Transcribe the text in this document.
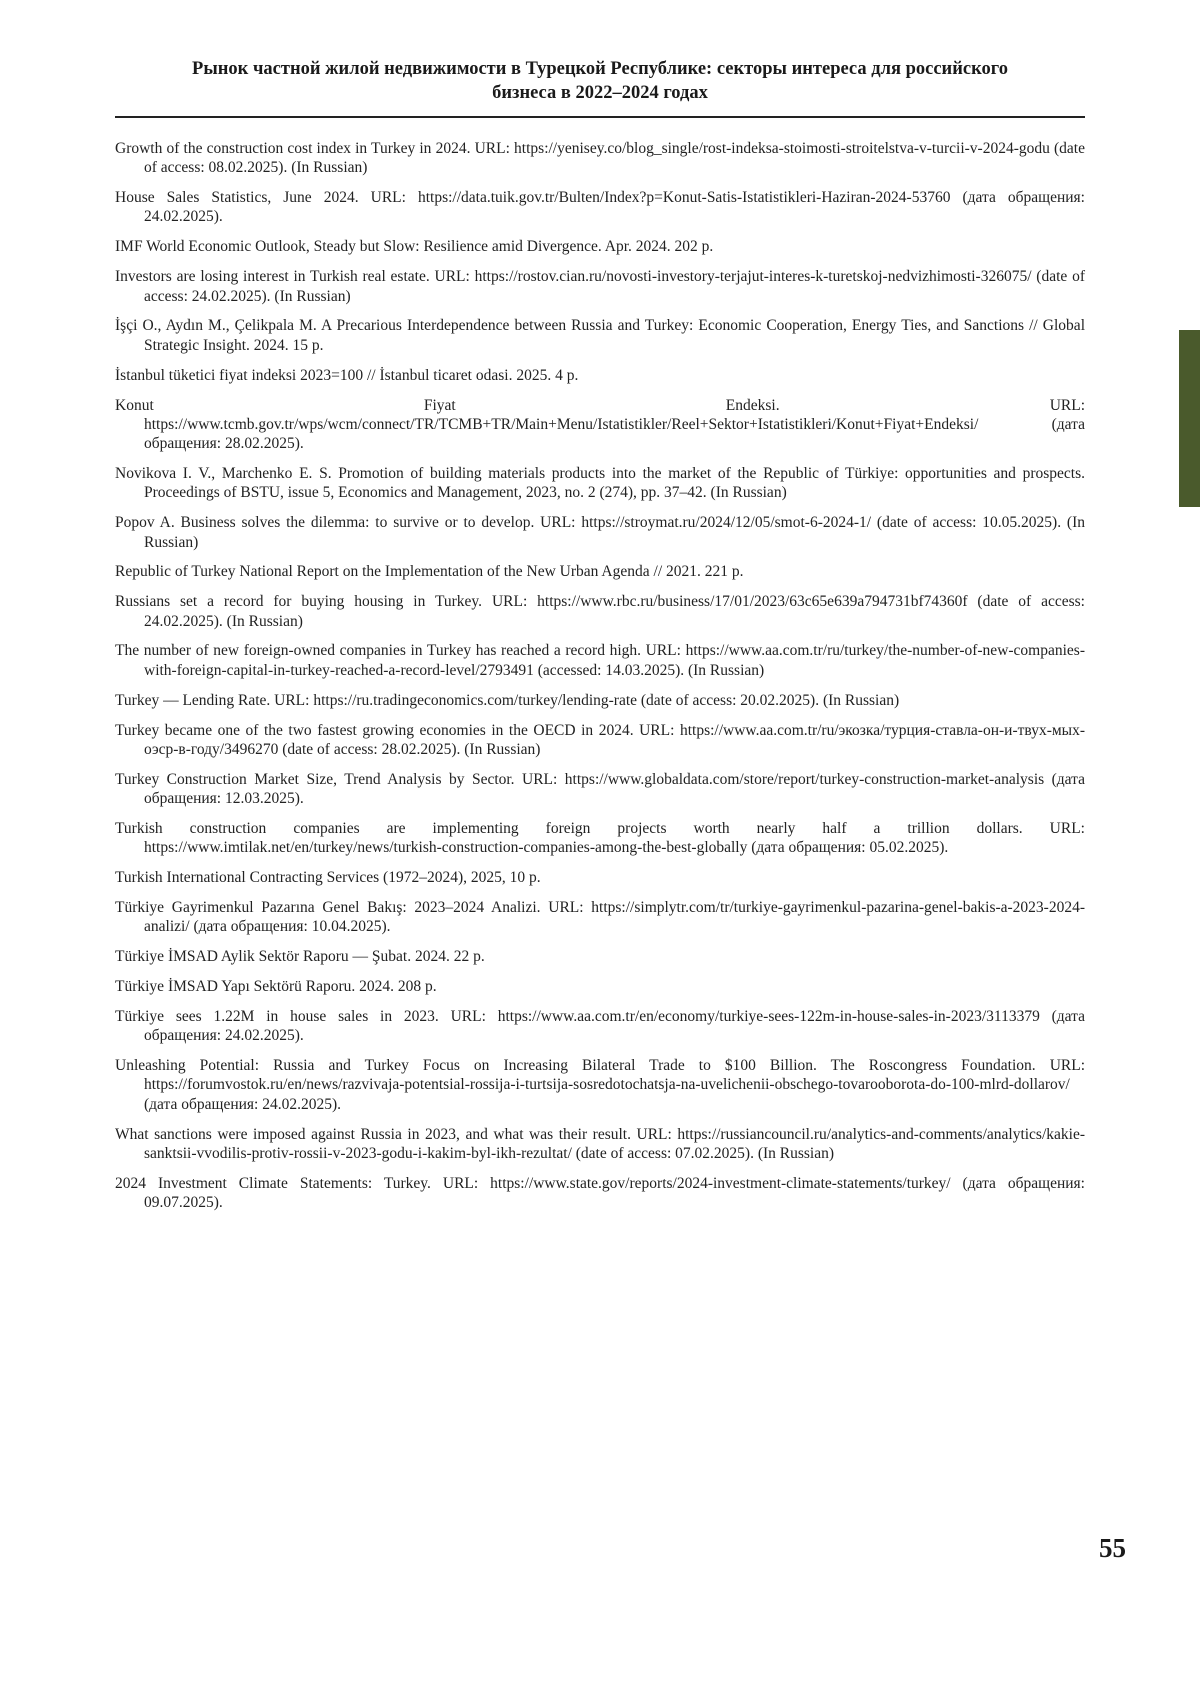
Рынок частной жилой недвижимости в Турецкой Республике: секторы интереса для российского
бизнеса в 2022–2024 годах
Growth of the construction cost index in Turkey in 2024. URL: https://yenisey.co/blog_single/rost-indeksa-stoimosti-stroitelstva-v-turcii-v-2024-godu (date of access: 08.02.2025). (In Russian)
House Sales Statistics, June 2024. URL: https://data.tuik.gov.tr/Bulten/Index?p=Konut-Satis-Istatistikleri-Haziran-2024-53760 (дата обращения: 24.02.2025).
IMF World Economic Outlook, Steady but Slow: Resilience amid Divergence. Apr. 2024. 202 p.
Investors are losing interest in Turkish real estate. URL: https://rostov.cian.ru/novosti-investory-terjajut-interes-k-turetskoj-nedvizhimosti-326075/ (date of access: 24.02.2025). (In Russian)
İşçi O., Aydın M., Çelikpala M. A Precarious Interdependence between Russia and Turkey: Economic Cooperation, Energy Ties, and Sanctions // Global Strategic Insight. 2024. 15 p.
İstanbul tüketici fiyat indeksi 2023=100 // İstanbul ticaret odasi. 2025. 4 p.
Konut Fiyat Endeksi. URL: https://www.tcmb.gov.tr/wps/wcm/connect/TR/TCMB+TR/Main+Menu/Istatistikler/Reel+Sektor+Istatistikleri/Konut+Fiyat+Endeksi/ (дата обращения: 28.02.2025).
Novikova I. V., Marchenko E. S. Promotion of building materials products into the market of the Republic of Türkiye: opportunities and prospects. Proceedings of BSTU, issue 5, Economics and Management, 2023, no. 2 (274), pp. 37–42. (In Russian)
Popov A. Business solves the dilemma: to survive or to develop. URL: https://stroymat.ru/2024/12/05/smot-6-2024-1/ (date of access: 10.05.2025). (In Russian)
Republic of Turkey National Report on the Implementation of the New Urban Agenda // 2021. 221 p.
Russians set a record for buying housing in Turkey. URL: https://www.rbc.ru/business/17/01/2023/63c65e639a794731bf74360f (date of access: 24.02.2025). (In Russian)
The number of new foreign-owned companies in Turkey has reached a record high. URL: https://www.aa.com.tr/ru/turkey/the-number-of-new-companies-with-foreign-capital-in-turkey-reached-a-record-level/2793491 (accessed: 14.03.2025). (In Russian)
Turkey — Lending Rate. URL: https://ru.tradingeconomics.com/turkey/lending-rate (date of access: 20.02.2025). (In Russian)
Turkey became one of the two fastest growing economies in the OECD in 2024. URL: https://www.aa.com.tr/ru/экозка/турция-ставла-он-и-твух-мых-оэср-в-году/3496270 (date of access: 28.02.2025). (In Russian)
Turkey Construction Market Size, Trend Analysis by Sector. URL: https://www.globaldata.com/store/report/turkey-construction-market-analysis (дата обращения: 12.03.2025).
Turkish construction companies are implementing foreign projects worth nearly half a trillion dollars. URL: https://www.imtilak.net/en/turkey/news/turkish-construction-companies-among-the-best-globally (дата обращения: 05.02.2025).
Turkish International Contracting Services (1972–2024), 2025, 10 p.
Türkiye Gayrimenkul Pazarına Genel Bakış: 2023–2024 Analizi. URL: https://simplytr.com/tr/turkiye-gayrimenkul-pazarina-genel-bakis-a-2023-2024-analizi/ (дата обращения: 10.04.2025).
Türkiye İMSAD Aylik Sektör Raporu — Şubat. 2024. 22 p.
Türkiye İMSAD Yapı Sektörü Raporu. 2024. 208 p.
Türkiye sees 1.22M in house sales in 2023. URL: https://www.aa.com.tr/en/economy/turkiye-sees-122m-in-house-sales-in-2023/3113379 (дата обращения: 24.02.2025).
Unleashing Potential: Russia and Turkey Focus on Increasing Bilateral Trade to $100 Billion. The Roscongress Foundation. URL: https://forumvostok.ru/en/news/razvivaja-potentsial-rossija-i-turtsija-sosredotochatsja-na-uvelichenii-obschego-tovarooborota-do-100-mlrd-dollarov/ (дата обращения: 24.02.2025).
What sanctions were imposed against Russia in 2023, and what was their result. URL: https://russiancouncil.ru/analytics-and-comments/analytics/kakie-sanktsii-vvodilis-protiv-rossii-v-2023-godu-i-kakim-byl-ikh-rezultat/ (date of access: 07.02.2025). (In Russian)
2024 Investment Climate Statements: Turkey. URL: https://www.state.gov/reports/2024-investment-climate-statements/turkey/ (дата обращения: 09.07.2025).
55
